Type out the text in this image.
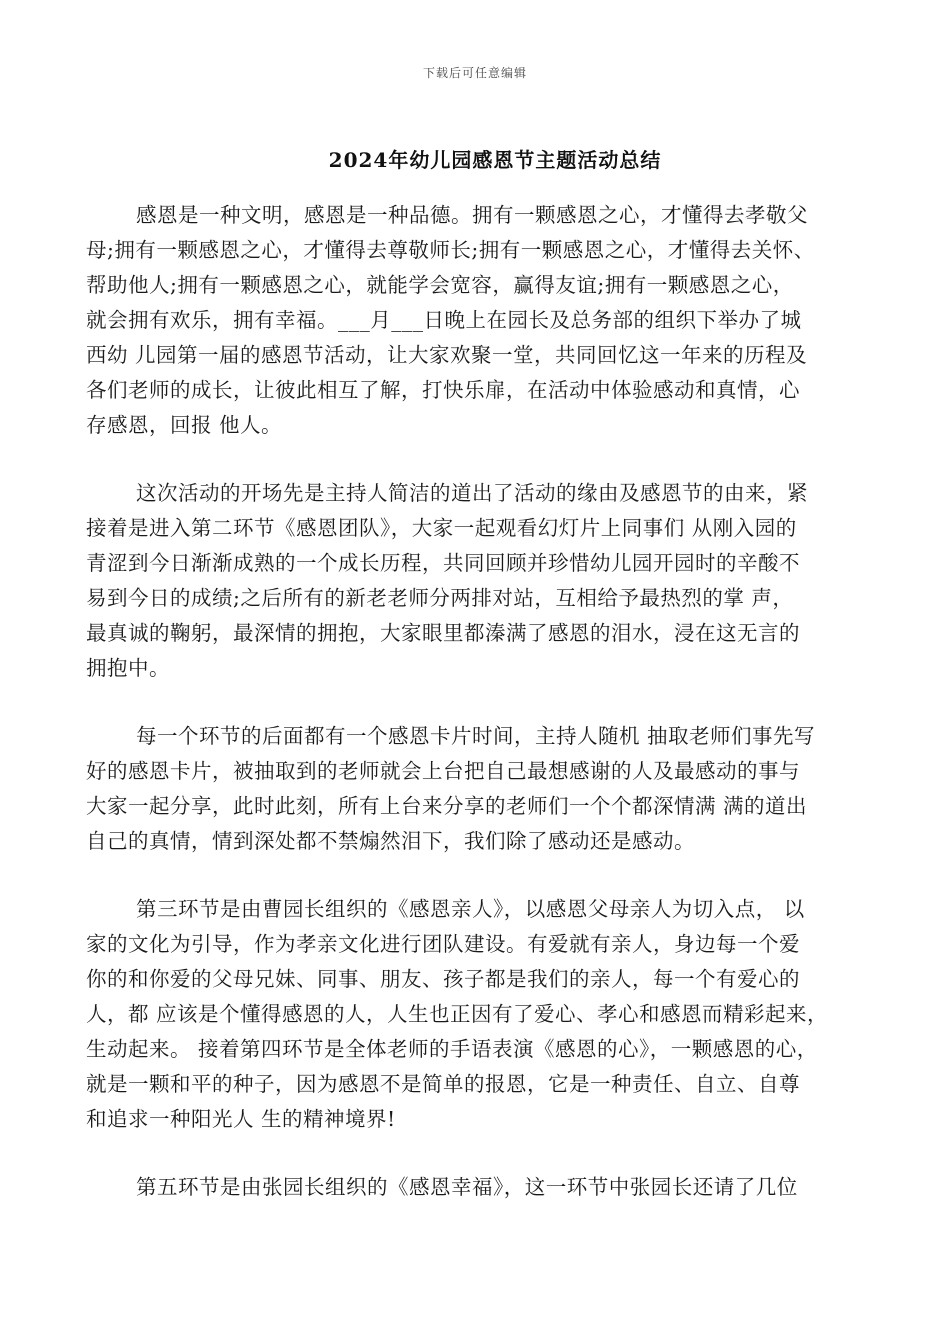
下载后可任意编辑
2024年幼儿园感恩节主题活动总结
感恩是一种文明，感恩是一种品德。拥有一颗感恩之心，才懂得去孝敬父
母;拥有一颗感恩之心，才懂得去尊敬师长;拥有一颗感恩之心，才懂得去关怀、
帮助他人;拥有一颗感恩之心，就能学会宽容，赢得友谊;拥有一颗感恩之心，
就会拥有欢乐，拥有幸福。___月___日晚上在园长及总务部的组织下举办了城
西幼 儿园第一届的感恩节活动，让大家欢聚一堂，共同回忆这一年来的历程及
各们老师的成长，让彼此相互了解，打快乐扉，在活动中体验感动和真情，心
存感恩，回报 他人。
这次活动的开场先是主持人简洁的道出了活动的缘由及感恩节的由来，紧
接着是进入第二环节《感恩团队》，大家一起观看幻灯片上同事们 从刚入园的
青涩到今日渐渐成熟的一个成长历程，共同回顾并珍惜幼儿园开园时的辛酸不
易到今日的成绩;之后所有的新老老师分两排对站，互相给予最热烈的掌 声，
最真诚的鞠躬，最深情的拥抱，大家眼里都溱满了感恩的泪水，浸在这无言的
拥抱中。
每一个环节的后面都有一个感恩卡片时间，主持人随机 抽取老师们事先写
好的感恩卡片，被抽取到的老师就会上台把自己最想感谢的人及最感动的事与
大家一起分享，此时此刻，所有上台来分享的老师们一个个都深情满 满的道出
自己的真情，情到深处都不禁煽然泪下，我们除了感动还是感动。
第三环节是由曹园长组织的《感恩亲人》，以感恩父母亲人为切入点， 以
家的文化为引导，作为孝亲文化进行团队建设。有爱就有亲人，身边每一个爱
你的和你爱的父母兄妹、同事、朋友、孩子都是我们的亲人，每一个有爱心的
人，都 应该是个懂得感恩的人，人生也正因有了爱心、孝心和感恩而精彩起来，
生动起来。 接着第四环节是全体老师的手语表演《感恩的心》，一颗感恩的心，
就是一颗和平的种子，因为感恩不是简单的报恩，它是一种责任、自立、自尊
和追求一种阳光人 生的精神境界!
第五环节是由张园长组织的《感恩幸福》，这一环节中张园长还请了几位
